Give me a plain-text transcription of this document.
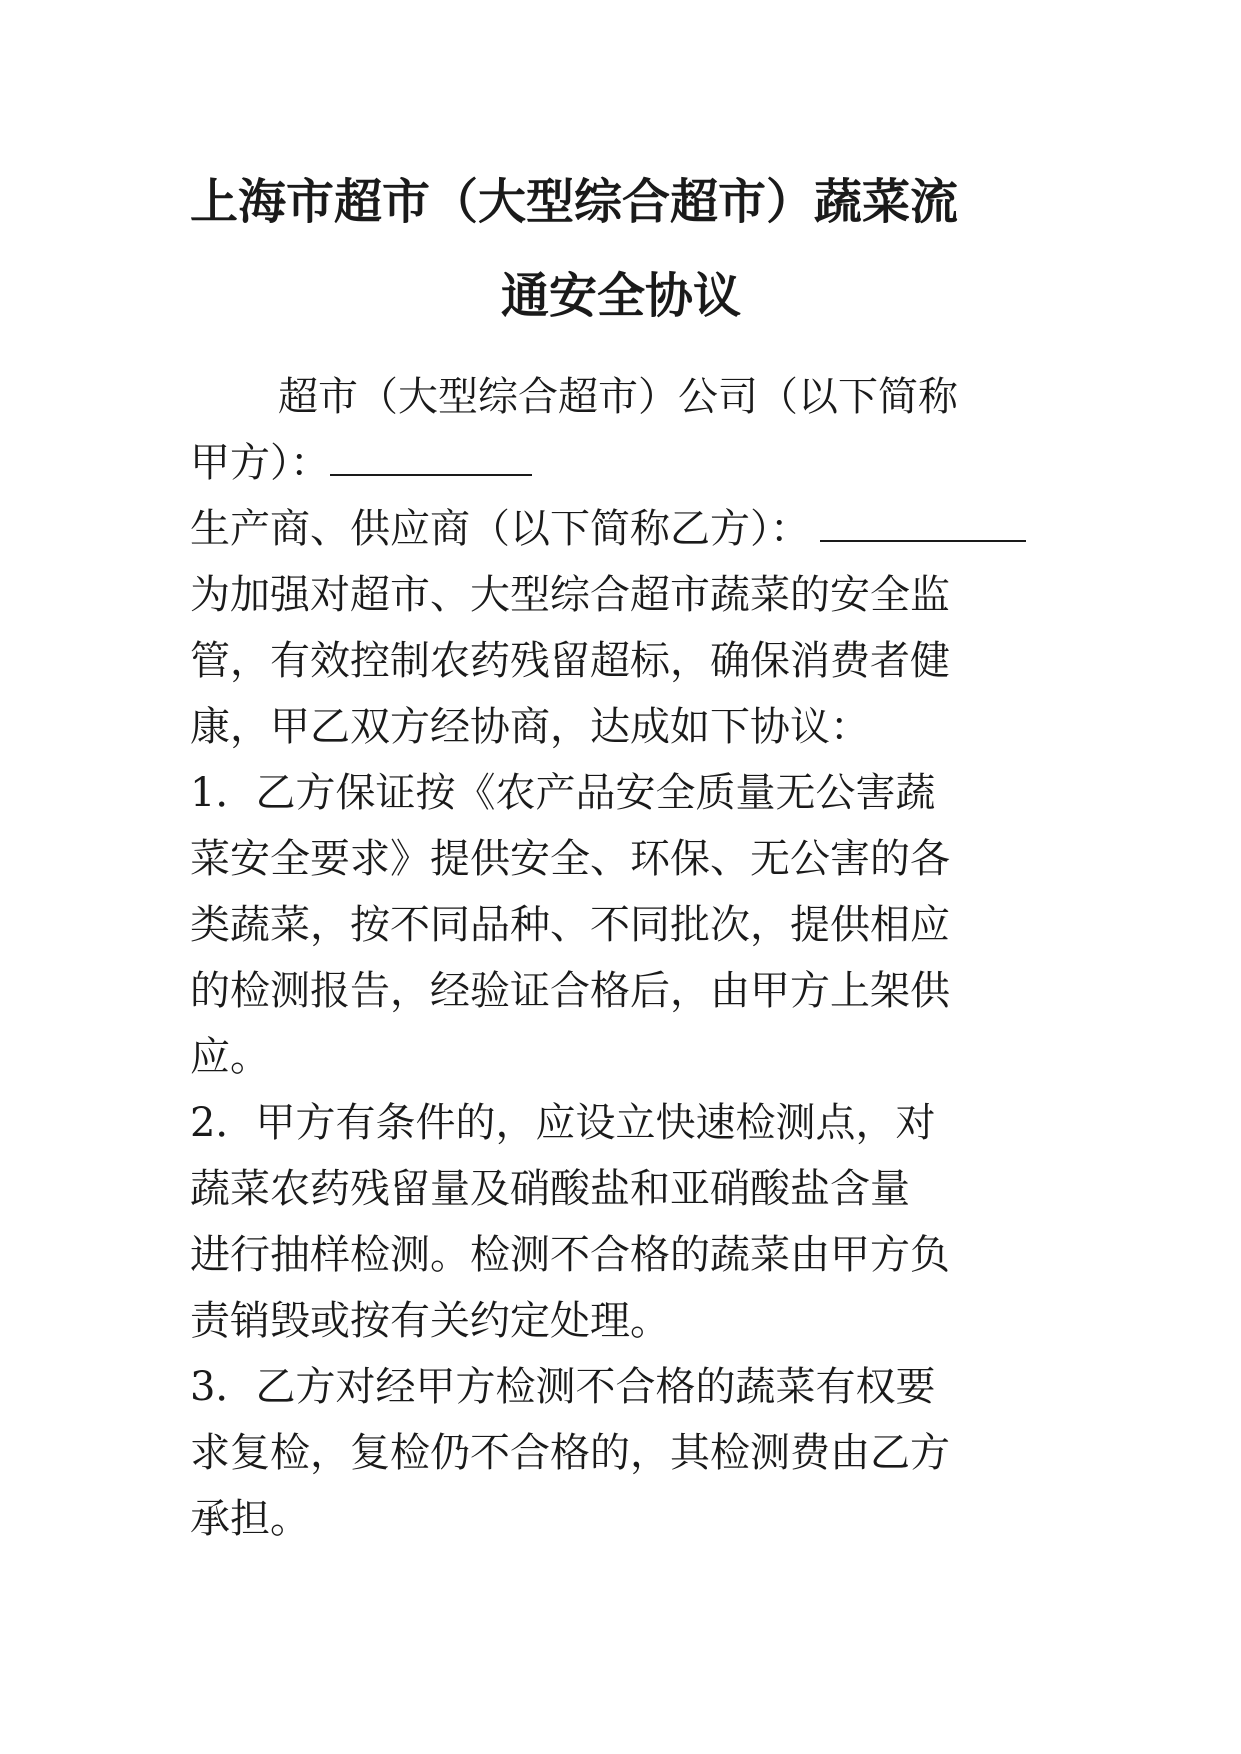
上海市超市（大型综合超市）蔬菜流
通安全协议
超市（大型综合超市）公司（以下简称
甲方）：
生产商、供应商（以下简称乙方）：
为加强对超市、大型综合超市蔬菜的安全监
管，有效控制农药残留超标，确保消费者健
康，甲乙双方经协商，达成如下协议：
1．乙方保证按《农产品安全质量无公害蔬
菜安全要求》提供安全、环保、无公害的各
类蔬菜，按不同品种、不同批次，提供相应
的检测报告，经验证合格后，由甲方上架供
应。
2．甲方有条件的，应设立快速检测点，对
蔬菜农药残留量及硝酸盐和亚硝酸盐含量
进行抽样检测。检测不合格的蔬菜由甲方负
责销毁或按有关约定处理。
3．乙方对经甲方检测不合格的蔬菜有权要
求复检，复检仍不合格的，其检测费由乙方
承担。
